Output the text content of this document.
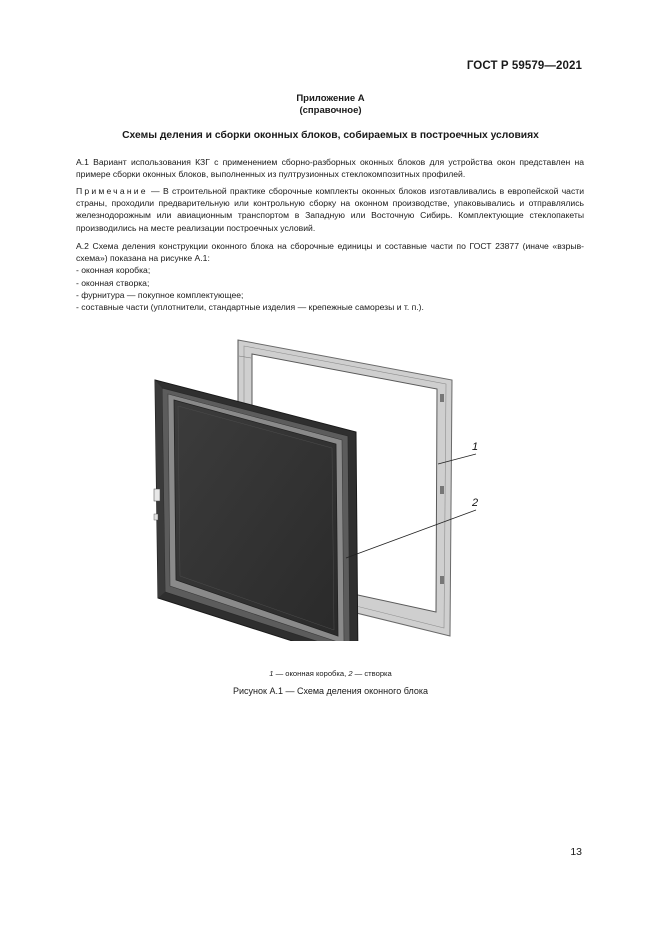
ГОСТ Р 59579—2021
Приложение А
(справочное)
Схемы деления и сборки оконных блоков, собираемых в построечных условиях

А.1 Вариант использования КЗГ с применением сборно-разборных оконных блоков для устройства окон представлен на примере сборки оконных блоков, выполненных из пултрузионных стеклокомпозитных профилей.

Примечание — В строительной практике сборочные комплекты оконных блоков изготавливались в европейской части страны, проходили предварительную или контрольную сборку на оконном производстве, упаковывались и отправлялись железнодорожным или авиационным транспортом в Западную или Восточную Сибирь. Комплектующие стеклопакеты производились на месте реализации построечных условий.

А.2 Схема деления конструкции оконного блока на сборочные единицы и составные части по ГОСТ 23877 (иначе «взрыв-схема») показана на рисунке А.1:

- оконная коробка;
- оконная створка;
- фурнитура — покупное комплектующее;
- составные части (уплотнители, стандартные изделия — крепежные саморезы и т. п.).
1
2
1 — оконная коробка, 2 — створка
Рисунок А.1 — Схема деления оконного блока
13
